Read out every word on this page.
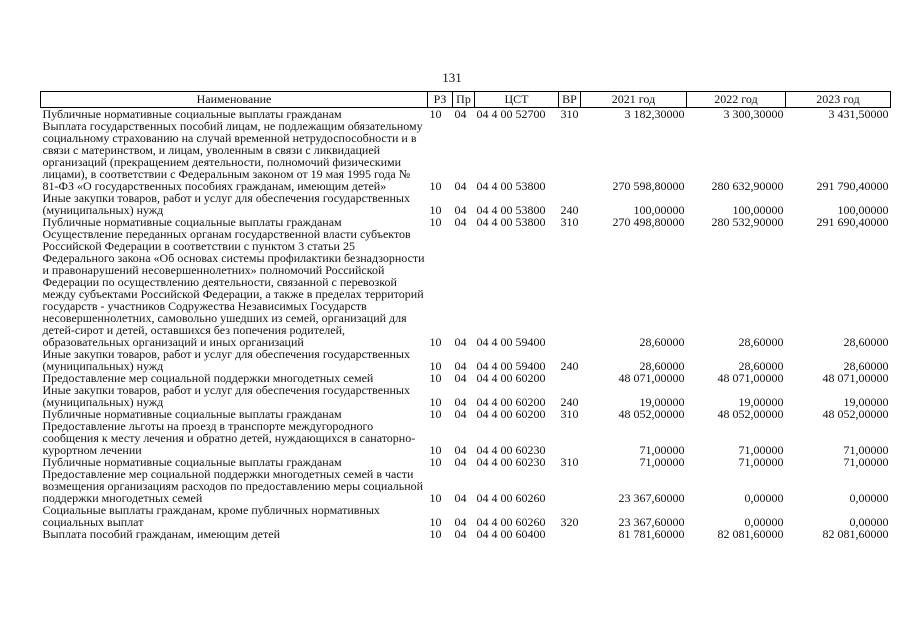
131
Наименование	РЗ	Пр	ЦСТ	ВР	2021 год	2022 год	2023 год
Публичные нормативные социальные выплаты гражданам	10	04	04 4 00 52700	310	3 182,30000	3 300,30000	3 431,50000
Выплата государственных пособий лицам, не подлежащим обязательному социальному страхованию на случай временной нетрудоспособности и в связи с материнством, и лицам, уволенным в связи с ликвидацией организаций (прекращением деятельности, полномочий физическими лицами), в соответствии с Федеральным законом от 19 мая 1995 года № 81-ФЗ «О государственных пособиях гражданам, имеющим детей»	10	04	04 4 00 53800		270 598,80000	280 632,90000	291 790,40000
Иные закупки товаров, работ и услуг для обеспечения государственных (муниципальных) нужд	10	04	04 4 00 53800	240	100,00000	100,00000	100,00000
Публичные нормативные социальные выплаты гражданам	10	04	04 4 00 53800	310	270 498,80000	280 532,90000	291 690,40000
Осуществление переданных органам государственной власти субъектов Российской Федерации в соответствии с пунктом 3 статьи 25 Федерального закона «Об основах системы профилактики безнадзорности и правонарушений несовершеннолетних» полномочий Российской Федерации по осуществлению деятельности, связанной с перевозкой между субъектами Российской Федерации, а также в пределах территорий государств - участников Содружества Независимых Государств несовершеннолетних, самовольно ушедших из семей, организаций для детей-сирот и детей, оставшихся без попечения родителей, образовательных организаций и иных организаций	10	04	04 4 00 59400		28,60000	28,60000	28,60000
Иные закупки товаров, работ и услуг для обеспечения государственных (муниципальных) нужд	10	04	04 4 00 59400	240	28,60000	28,60000	28,60000
Предоставление мер социальной поддержки многодетных семей	10	04	04 4 00 60200		48 071,00000	48 071,00000	48 071,00000
Иные закупки товаров, работ и услуг для обеспечения государственных (муниципальных) нужд	10	04	04 4 00 60200	240	19,00000	19,00000	19,00000
Публичные нормативные социальные выплаты гражданам	10	04	04 4 00 60200	310	48 052,00000	48 052,00000	48 052,00000
Предоставление льготы на проезд в транспорте междугородного сообщения к месту лечения и обратно детей, нуждающихся в санаторно-курортном лечении	10	04	04 4 00 60230		71,00000	71,00000	71,00000
Публичные нормативные социальные выплаты гражданам	10	04	04 4 00 60230	310	71,00000	71,00000	71,00000
Предоставление мер социальной поддержки многодетных семей в части возмещения организациям расходов по предоставлению меры социальной поддержки многодетных семей	10	04	04 4 00 60260		23 367,60000	0,00000	0,00000
Социальные выплаты гражданам, кроме публичных нормативных социальных выплат	10	04	04 4 00 60260	320	23 367,60000	0,00000	0,00000
Выплата пособий гражданам, имеющим детей	10	04	04 4 00 60400		81 781,60000	82 081,60000	82 081,60000
